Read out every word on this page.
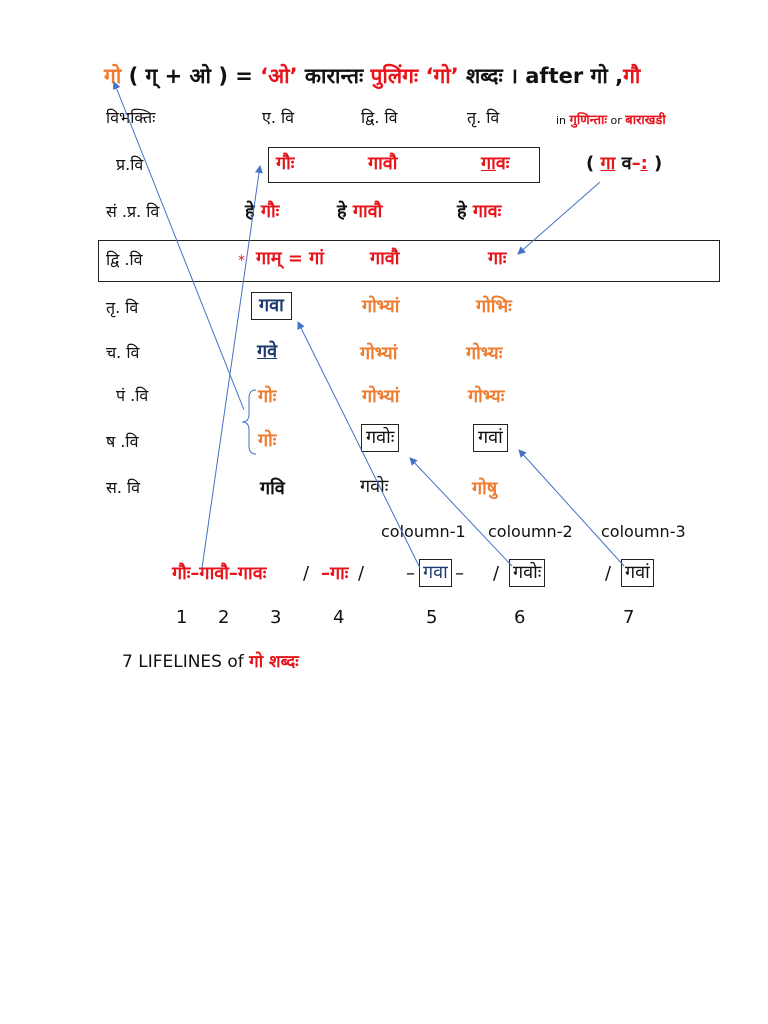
गो ( ग् + ओ ) = ‘ओ’ कारान्तः पुलिंगः ‘गो’ शब्दः । after गो ,गौ
विभक्तिः	ए. वि	द्वि. वि	तृ. वि	in गुणिन्ताः or बाराखडी
प्र.वि	गौः	गावौ	गावः	( गा व–: )
सं .प्र. वि	हे गौः	हे गावौ	हे गावः
द्वि .वि	* गाम् = गां	गावौ	गाः
तृ. वि	गवा	गोभ्यां	गोभिः
च. वि	गवे	गोभ्यां	गोभ्यः
पं .वि	गोः	गोभ्यां	गोभ्यः
ष .वि	गोः	गवोः	गवां
स. वि	गवि	गवोः	गोषु
coloumn-1 coloumn-2 coloumn-3
गौः–गावौ–गावः / –गाः / – गवा – / गवोः	/ गवां
1 2 3	4	5	6	7
7 LIFELINES of गो शब्दः
